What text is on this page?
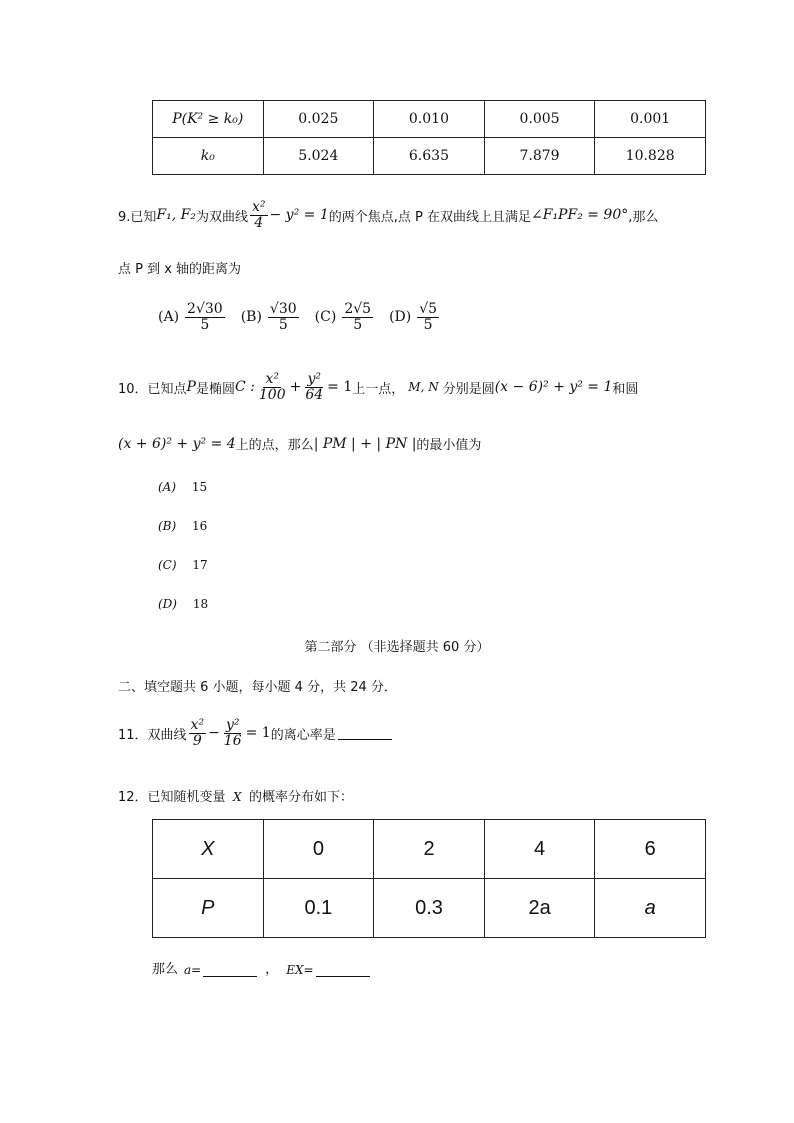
P(K² ≥ k₀)	0.025	0.010	0.005	0.001
k₀	5.024	6.635	7.879	10.828
9.已知 F₁, F₂ 为双曲线 $\frac{\text{x²}}{4} - y^2 = 1$ 的两个焦点,点 P 在双曲线上且满足 ∠F₁PF₂ = 90° ,那么
点 P 到 x 轴的距离为
$(A) \frac{2√30}{5} (B) \frac{√30}{5} (C) \frac{2√5}{5} (D) \frac{√5}{5}$
10．已知点 P 是椭圆 C : $\frac{\text{x²}}{100} + \frac{\text{y²}}{64} = 1$ 上一点， M, N 分别是圆 (x − 6)² + y² = 1 和圆
(x + 6)² + y² = 4 上的点，那么 | PM | + | PN | 的最小值为
(A) 15
(B) 16
(C) 17
(D) 18
第二部分 （非选择题共 60 分）
二、填空题共 6 小题，每小题 4 分，共 24 分．
11．双曲线 $\frac{\text{x²}}{9} - \frac{\text{y²}}{16} = 1$ 的离心率是
12．已知随机变量 X 的概率分布如下：
X	0	2	4	6
P	0.1	0.3	2a	a
那么 a=	， EX=
